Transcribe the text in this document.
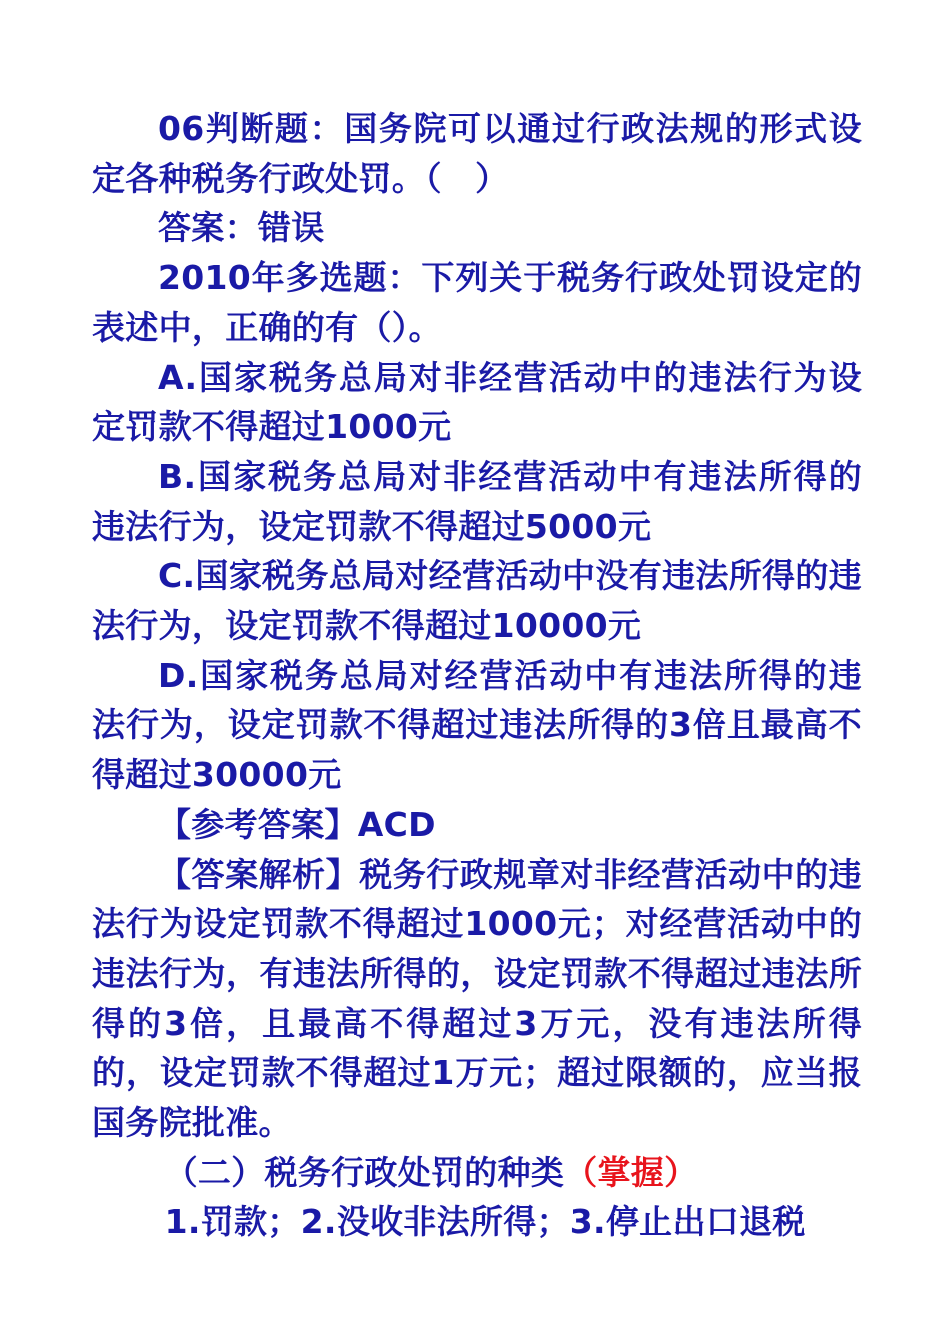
06判断题：国务院可以通过行政法规的形式设定各种税务行政处罚。（　）

答案：错误

2010年多选题：下列关于税务行政处罚设定的表述中，正确的有（）。

A.国家税务总局对非经营活动中的违法行为设定罚款不得超过1000元

B.国家税务总局对非经营活动中有违法所得的违法行为，设定罚款不得超过5000元

C.国家税务总局对经营活动中没有违法所得的违法行为，设定罚款不得超过10000元

D.国家税务总局对经营活动中有违法所得的违法行为，设定罚款不得超过违法所得的3倍且最高不得超过30000元

【参考答案】ACD

【答案解析】税务行政规章对非经营活动中的违法行为设定罚款不得超过1000元；对经营活动中的违法行为，有违法所得的，设定罚款不得超过违法所得的3倍，且最高不得超过3万元，没有违法所得的，设定罚款不得超过1万元；超过限额的，应当报国务院批准。

（二）税务行政处罚的种类（掌握）

1.罚款；2.没收非法所得；3.停止出口退税
